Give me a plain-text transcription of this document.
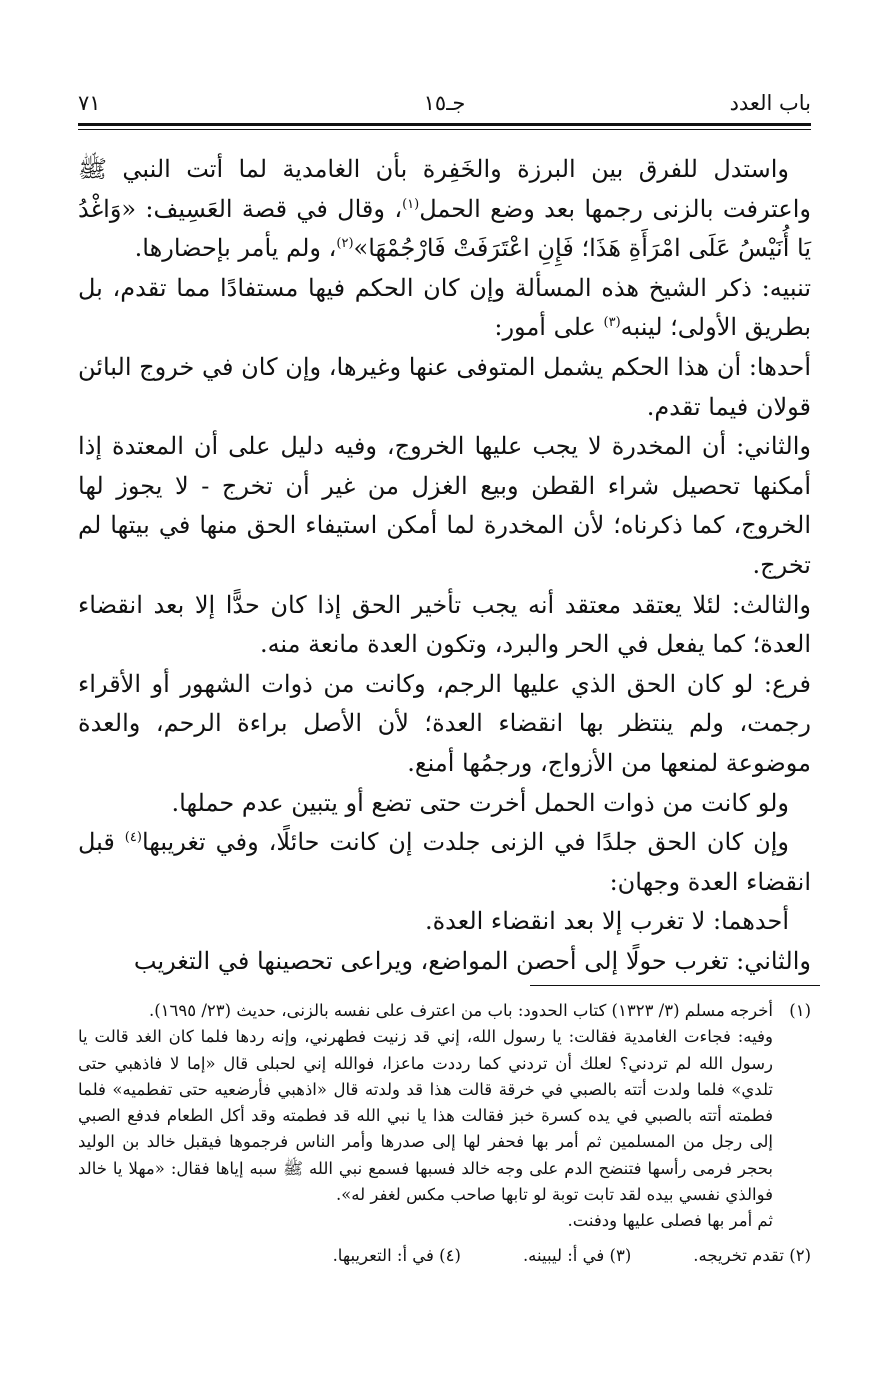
باب العدد
جـ١٥
٧١

واستدل للفرق بين البرزة والخَفِرة بأن الغامدية لما أتت النبي ﷺ واعترفت بالزنى رجمها بعد وضع الحمل$^{(١)}$، وقال في قصة العَسِيف: «وَاغْدُ يَا أُنَيْسُ عَلَى امْرَأَةِ هَذَا؛ فَإِنِ اعْتَرَفَتْ فَارْجُمْهَا»$^{(٢)}$، ولم يأمر بإحضارها.

تنبيه: ذكر الشيخ هذه المسألة وإن كان الحكم فيها مستفادًا مما تقدم، بل بطريق الأولى؛ لينبه$^{(٣)}$ على أمور:

أحدها: أن هذا الحكم يشمل المتوفى عنها وغيرها، وإن كان في خروج البائن قولان فيما تقدم.

والثاني: أن المخدرة لا يجب عليها الخروج، وفيه دليل على أن المعتدة إذا أمكنها تحصيل شراء القطن وبيع الغزل من غير أن تخرج - لا يجوز لها الخروج، كما ذكرناه؛ لأن المخدرة لما أمكن استيفاء الحق منها في بيتها لم تخرج.

والثالث: لئلا يعتقد معتقد أنه يجب تأخير الحق إذا كان حدًّا إلا بعد انقضاء العدة؛ كما يفعل في الحر والبرد، وتكون العدة مانعة منه.

فرع: لو كان الحق الذي عليها الرجم، وكانت من ذوات الشهور أو الأقراء رجمت، ولم ينتظر بها انقضاء العدة؛ لأن الأصل براءة الرحم، والعدة موضوعة لمنعها من الأزواج، ورجمُها أمنع.

ولو كانت من ذوات الحمل أخرت حتى تضع أو يتبين عدم حملها.

وإن كان الحق جلدًا في الزنى جلدت إن كانت حائلًا، وفي تغريبها$^{(٤)}$ قبل انقضاء العدة وجهان:

أحدهما: لا تغرب إلا بعد انقضاء العدة.

والثاني: تغرب حولًا إلى أحصن المواضع، ويراعى تحصينها في التغريب

(١)
أخرجه مسلم (٣/ ١٣٢٣) كتاب الحدود: باب من اعترف على نفسه بالزنى، حديث (٢٣/ ١٦٩٥).
وفيه: فجاءت الغامدية فقالت: يا رسول الله، إني قد زنيت فطهرني، وإنه ردها فلما كان الغد قالت يا رسول الله لم تردني؟ لعلك أن تردني كما رددت ماعزا، فوالله إني لحبلى قال «إما لا فاذهبي حتى تلدي» فلما ولدت أتته بالصبي في خرقة قالت هذا قد ولدته قال «اذهبي فأرضعيه حتى تفطميه» فلما فطمته أتته بالصبي في يده كسرة خبز فقالت هذا يا نبي الله قد فطمته وقد أكل الطعام فدفع الصبي إلى رجل من المسلمين ثم أمر بها فحفر لها إلى صدرها وأمر الناس فرجموها فيقبل خالد بن الوليد بحجر فرمى رأسها فتنضح الدم على وجه خالد فسبها فسمع نبي الله ﷺ سبه إياها فقال: «مهلا يا خالد فوالذي نفسي بيده لقد تابت توبة لو تابها صاحب مكس لغفر له».
ثم أمر بها فصلى عليها ودفنت.
(٢) تقدم تخريجه.
(٣) في أ: ليبينه.
(٤) في أ: التعريبها.
